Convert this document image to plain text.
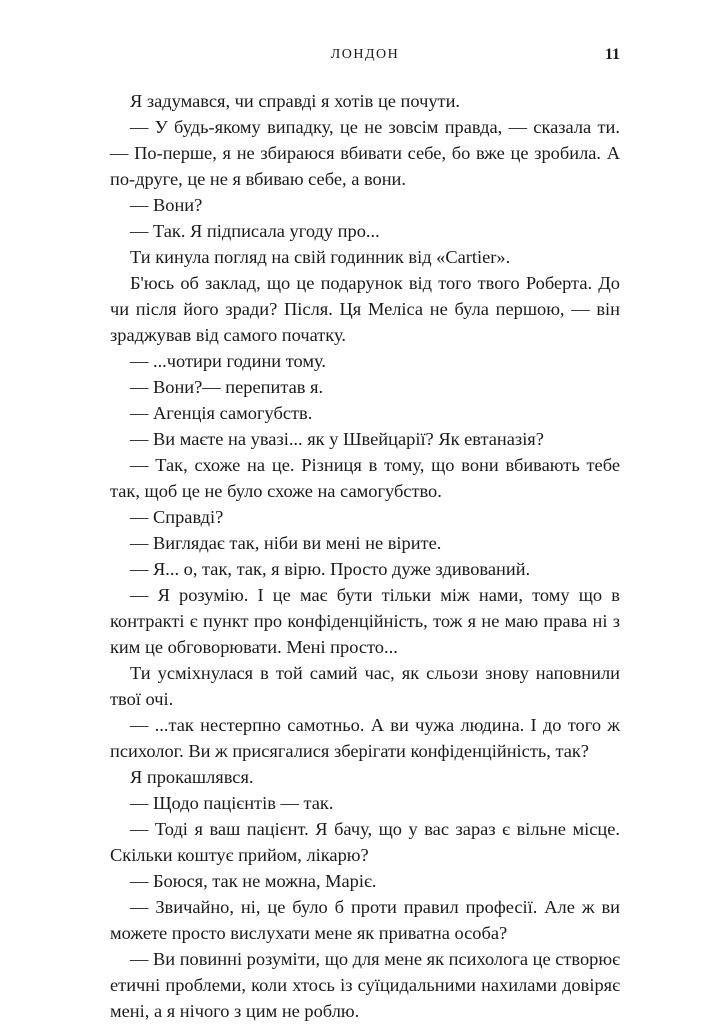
ЛОНДОН	11

Я задумався, чи справді я хотів це почути.

— У будь-якому випадку, це не зовсім правда, — сказала ти. — По-перше, я не збираюся вбивати себе, бо вже це зробила. А по-друге, це не я вбиваю себе, а вони.

— Вони?

— Так. Я підписала угоду про...

Ти кинула погляд на свій годинник від «Cartier».

Б'юсь об заклад, що це подарунок від того твого Роберта. До чи після його зради? Після. Ця Меліса не була першою, — він зраджував від самого початку.

— ...чотири години тому.

— Вони?— перепитав я.

— Агенція самогубств.

— Ви маєте на увазі... як у Швейцарії? Як евтаназія?

— Так, схоже на це. Різниця в тому, що вони вбивають тебе так, щоб це не було схоже на самогубство.

— Справді?

— Виглядає так, ніби ви мені не вірите.

— Я... о, так, так, я вірю. Просто дуже здивований.

— Я розумію. І це має бути тільки між нами, тому що в контракті є пункт про конфіденційність, тож я не маю права ні з ким це обговорювати. Мені просто...

Ти усміхнулася в той самий час, як сльози знову наповнили твої очі.

— ...так нестерпно самотньо. А ви чужа людина. І до того ж психолог. Ви ж присягалися зберігати конфіденційність, так?

Я прокашлявся.

— Щодо пацієнтів — так.

— Тоді я ваш пацієнт. Я бачу, що у вас зараз є вільне місце. Скільки коштує прийом, лікарю?

— Боюся, так не можна, Маріє.

— Звичайно, ні, це було б проти правил професії. Але ж ви можете просто вислухати мене як приватна особа?

— Ви повинні розуміти, що для мене як психолога це створює етичні проблеми, коли хтось із суїцидальними нахилами довіряє мені, а я нічого з цим не роблю.
